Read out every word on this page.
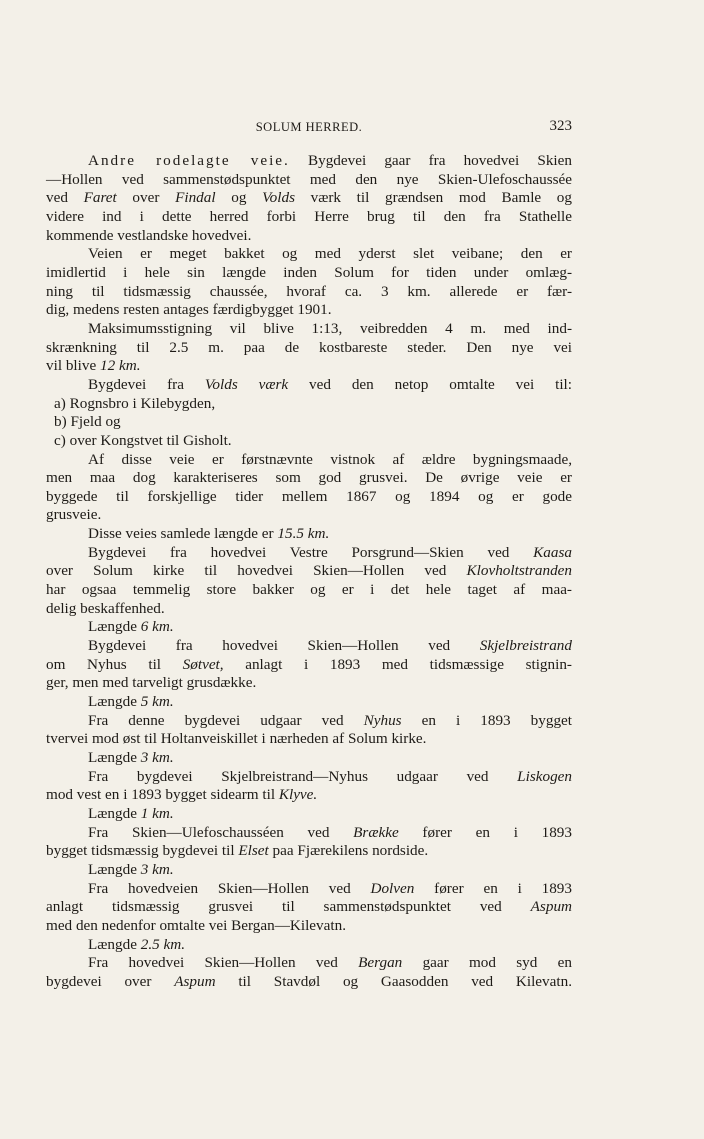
SOLUM HERRED.	323
Andre rodelagte veie. Bygdevei gaar fra hovedvei Skien
—Hollen ved sammenstødspunktet med den nye Skien-Ulefoschaussée
ved Faret over Findal og Volds værk til grændsen mod Bamle og
videre ind i dette herred forbi Herre brug til den fra Stathelle
kommende vestlandske hovedvei.
Veien er meget bakket og med yderst slet veibane; den er
imidlertid i hele sin længde inden Solum for tiden under omlæg-
ning til tidsmæssig chaussée, hvoraf ca. 3 km. allerede er fær-
dig, medens resten antages færdigbygget 1901.
Maksimumsstigning vil blive 1:13, veibredden 4 m. med ind-
skrænkning til 2.5 m. paa de kostbareste steder. Den nye vei
vil blive 12 km.
Bygdevei fra Volds værk ved den netop omtalte vei til:
a) Rognsbro i Kilebygden,
b) Fjeld og
c) over Kongstvet til Gisholt.
Af disse veie er førstnævnte vistnok af ældre bygningsmaade,
men maa dog karakteriseres som god grusvei. De øvrige veie er
byggede til forskjellige tider mellem 1867 og 1894 og er gode
grusveie.
Disse veies samlede længde er 15.5 km.
Bygdevei fra hovedvei Vestre Porsgrund—Skien ved Kaasa
over Solum kirke til hovedvei Skien—Hollen ved Klovholtstranden
har ogsaa temmelig store bakker og er i det hele taget af maa-
delig beskaffenhed.
Længde 6 km.
Bygdevei fra hovedvei Skien—Hollen ved Skjelbreistrand
om Nyhus til Søtvet, anlagt i 1893 med tidsmæssige stignin-
ger, men med tarveligt grusdække.
Længde 5 km.
Fra denne bygdevei udgaar ved Nyhus en i 1893 bygget
tvervei mod øst til Holtanveiskillet i nærheden af Solum kirke.
Længde 3 km.
Fra bygdevei Skjelbreistrand—Nyhus udgaar ved Liskogen
mod vest en i 1893 bygget sidearm til Klyve.
Længde 1 km.
Fra Skien—Ulefoschausséen ved Brække fører en i 1893
bygget tidsmæssig bygdevei til Elset paa Fjærekilens nordside.
Længde 3 km.
Fra hovedveien Skien—Hollen ved Dolven fører en i 1893
anlagt tidsmæssig grusvei til sammenstødspunktet ved Aspum
med den nedenfor omtalte vei Bergan—Kilevatn.
Længde 2.5 km.
Fra hovedvei Skien—Hollen ved Bergan gaar mod syd en
bygdevei over Aspum til Stavdøl og Gaasodden ved Kilevatn.
